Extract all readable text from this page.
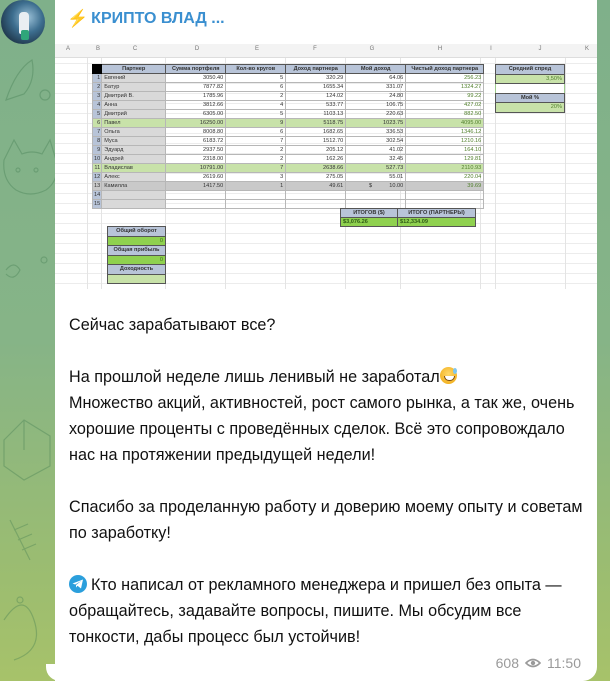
⚡ КРИПТО ВЛАД ...
A	B	C	D	E	F	G	H	I	J	K
	Партнер	Сумма портфеля	Кол-во кругов	Доход партнера	Мой доход	Чистый доход партнера
1	Евгений	3050.40	5	320.29	64.06	256.23
2	Батур	7877.82	6	1655.34	331.07	1324.27
3	Дмитрий В.	1785.96	2	124.02	24.80	99.22
4	Анна	3812.66	4	533.77	106.75	427.02
5	Дмитрий	6305.00	5	1103.13	220.63	882.50
6	Павел	16250.00	9	5118.75	1023.75	4095.00
7	Ольга	8008.80	6	1682.65	336.53	1346.12
8	Муса	6183.72	7	1512.70	302.54	1210.16
9	Эдуард	2937.50	2	205.12	41.02	164.10
10	Андрей	2318.00	2	162.26	32.45	129.81
11	Владислав	10791.00	7	2638.66	527.73	2110.93
12	Алекс	2619.60	3	275.05	55.01	220.04
13	Камилла	1417.50	1	49.61	$           10.00	39.69
14						
15						
ИТОГОВ ($)	ИТОГО (ПАРТНЕРЫ)
$3,076.26	$12,334.09
Средний спред
3,50%

Мой %
20%
Общий оборот
0
Общая прибыль
0
Доходность

Сейчас зарабатывают все?

На прошлой неделе лишь ленивый не заработал
Множество акций, активностей, рост самого рынка, а так же, очень хорошие проценты с проведённых сделок. Всё это сопровождало нас на протяжении предыдущей недели!

Спасибо за проделанную работу и доверию моему опыту и советам по заработку!

Кто написал от рекламного менеджера и пришел без опыта — обращайтесь, задавайте вопросы, пишите. Мы обсудим все тонкости, дабы процесс был устойчив!

608 11:50
